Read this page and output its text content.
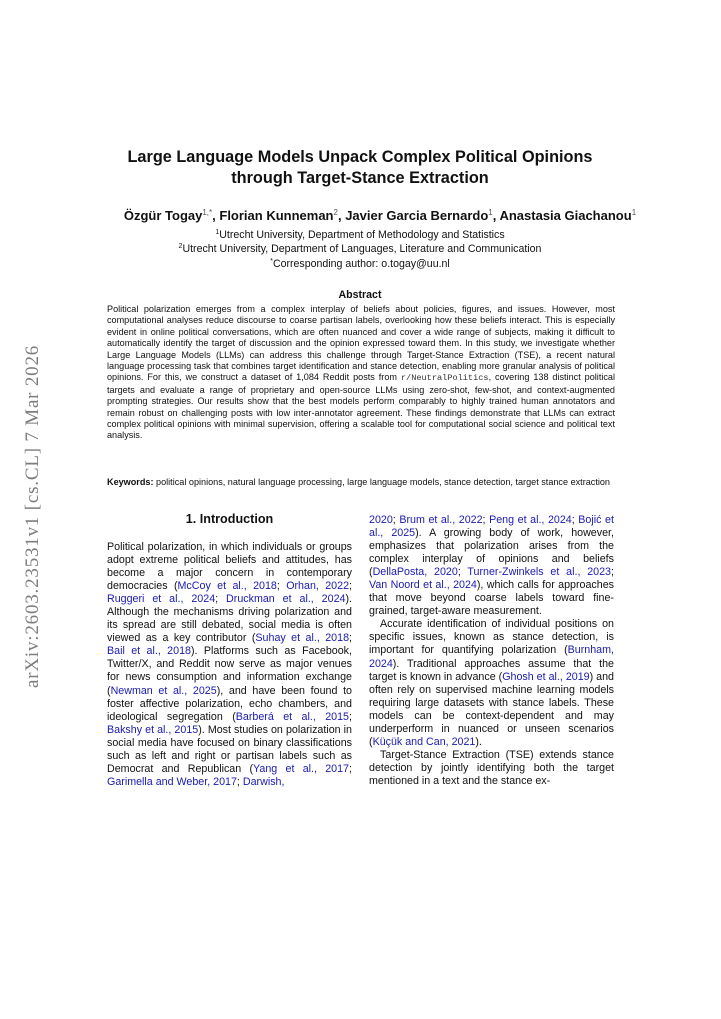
arXiv:2603.23531v1 [cs.CL] 7 Mar 2026
Large Language Models Unpack Complex Political Opinions
through Target-Stance Extraction
Özgür Togay$^{1,*}$, Florian Kunneman$^2$, Javier Garcia Bernardo$^1$, Anastasia Giachanou$^1$
$^1$Utrecht University, Department of Methodology and Statistics
$^2$Utrecht University, Department of Languages, Literature and Communication
*Corresponding author: o.togay@uu.nl
Abstract
Political polarization emerges from a complex interplay of beliefs about policies, figures, and issues. However, most computational analyses reduce discourse to coarse partisan labels, overlooking how these beliefs interact. This is especially evident in online political conversations, which are often nuanced and cover a wide range of subjects, making it difficult to automatically identify the target of discussion and the opinion expressed toward them. In this study, we investigate whether Large Language Models (LLMs) can address this challenge through Target-Stance Extraction (TSE), a recent natural language processing task that combines target identification and stance detection, enabling more granular analysis of political opinions. For this, we construct a dataset of 1,084 Reddit posts from r/NeutralPolitics, covering 138 distinct political targets and evaluate a range of proprietary and open-source LLMs using zero-shot, few-shot, and context-augmented prompting strategies. Our results show that the best models perform comparably to highly trained human annotators and remain robust on challenging posts with low inter-annotator agreement. These findings demonstrate that LLMs can extract complex political opinions with minimal supervision, offering a scalable tool for computational social science and political text analysis.
Keywords: political opinions, natural language processing, large language models, stance detection, target stance extraction
1. Introduction

Political polarization, in which individuals or groups adopt extreme political beliefs and attitudes, has become a major concern in contemporary democracies (McCoy et al., 2018; Orhan, 2022; Ruggeri et al., 2024; Druckman et al., 2024). Although the mechanisms driving polarization and its spread are still debated, social media is often viewed as a key contributor (Suhay et al., 2018; Bail et al., 2018). Platforms such as Facebook, Twitter/X, and Reddit now serve as major venues for news consumption and information exchange (Newman et al., 2025), and have been found to foster affective polarization, echo chambers, and ideological segregation (Barberá et al., 2015; Bakshy et al., 2015). Most studies on polarization in social media have focused on binary classifications such as left and right or partisan labels such as Democrat and Republican (Yang et al., 2017; Garimella and Weber, 2017; Darwish,

2020; Brum et al., 2022; Peng et al., 2024; Bojić et al., 2025). A growing body of work, however, emphasizes that polarization arises from the complex interplay of opinions and beliefs (DellaPosta, 2020; Turner-Zwinkels et al., 2023; Van Noord et al., 2024), which calls for approaches that move beyond coarse labels toward fine-grained, target-aware measurement.

Accurate identification of individual positions on specific issues, known as stance detection, is important for quantifying polarization (Burnham, 2024). Traditional approaches assume that the target is known in advance (Ghosh et al., 2019) and often rely on supervised machine learning models requiring large datasets with stance labels. These models can be context-dependent and may underperform in nuanced or unseen scenarios (Küçük and Can, 2021).

Target-Stance Extraction (TSE) extends stance detection by jointly identifying both the target mentioned in a text and the stance ex-
